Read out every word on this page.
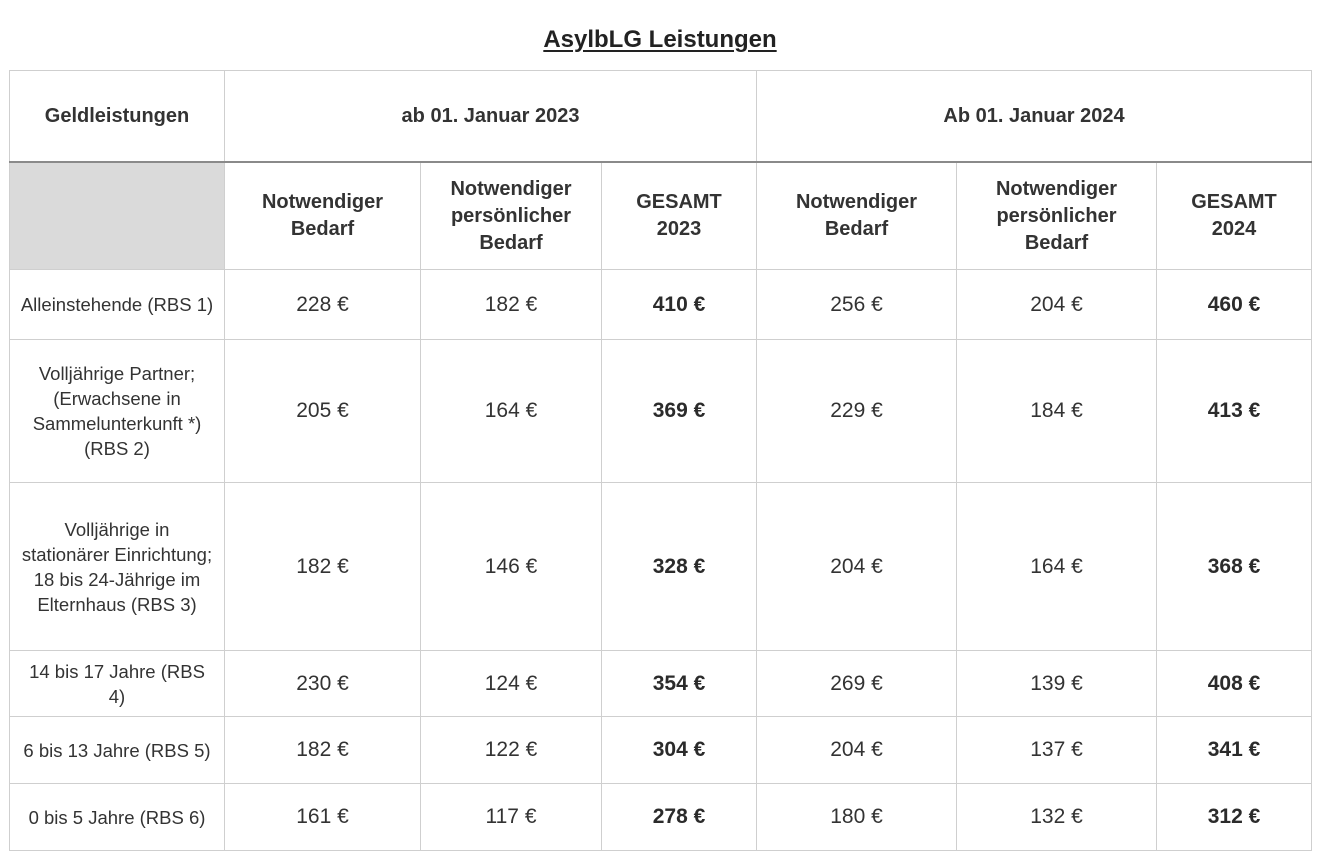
AsylbLG Leistungen
Geldleistungen	ab 01. Januar 2023			Ab 01. Januar 2024		
	Notwendiger Bedarf	Notwendiger persönlicher Bedarf	GESAMT 2023	Notwendiger Bedarf	Notwendiger persönlicher Bedarf	GESAMT 2024
Alleinstehende (RBS 1)	228 €	182 €	410 €	256 €	204 €	460 €
Volljährige Partner; (Erwachsene in Sammelunterkunft *) (RBS 2)	205 €	164 €	369 €	229 €	184 €	413 €
Volljährige in stationärer Einrichtung; 18 bis 24-Jährige im Elternhaus (RBS 3)	182 €	146 €	328 €	204 €	164 €	368 €
14 bis 17 Jahre (RBS 4)	230 €	124 €	354 €	269 €	139 €	408 €
6 bis 13 Jahre (RBS 5)	182 €	122 €	304 €	204 €	137 €	341 €
0 bis 5 Jahre (RBS 6)	161 €	117 €	278 €	180 €	132 €	312 €
